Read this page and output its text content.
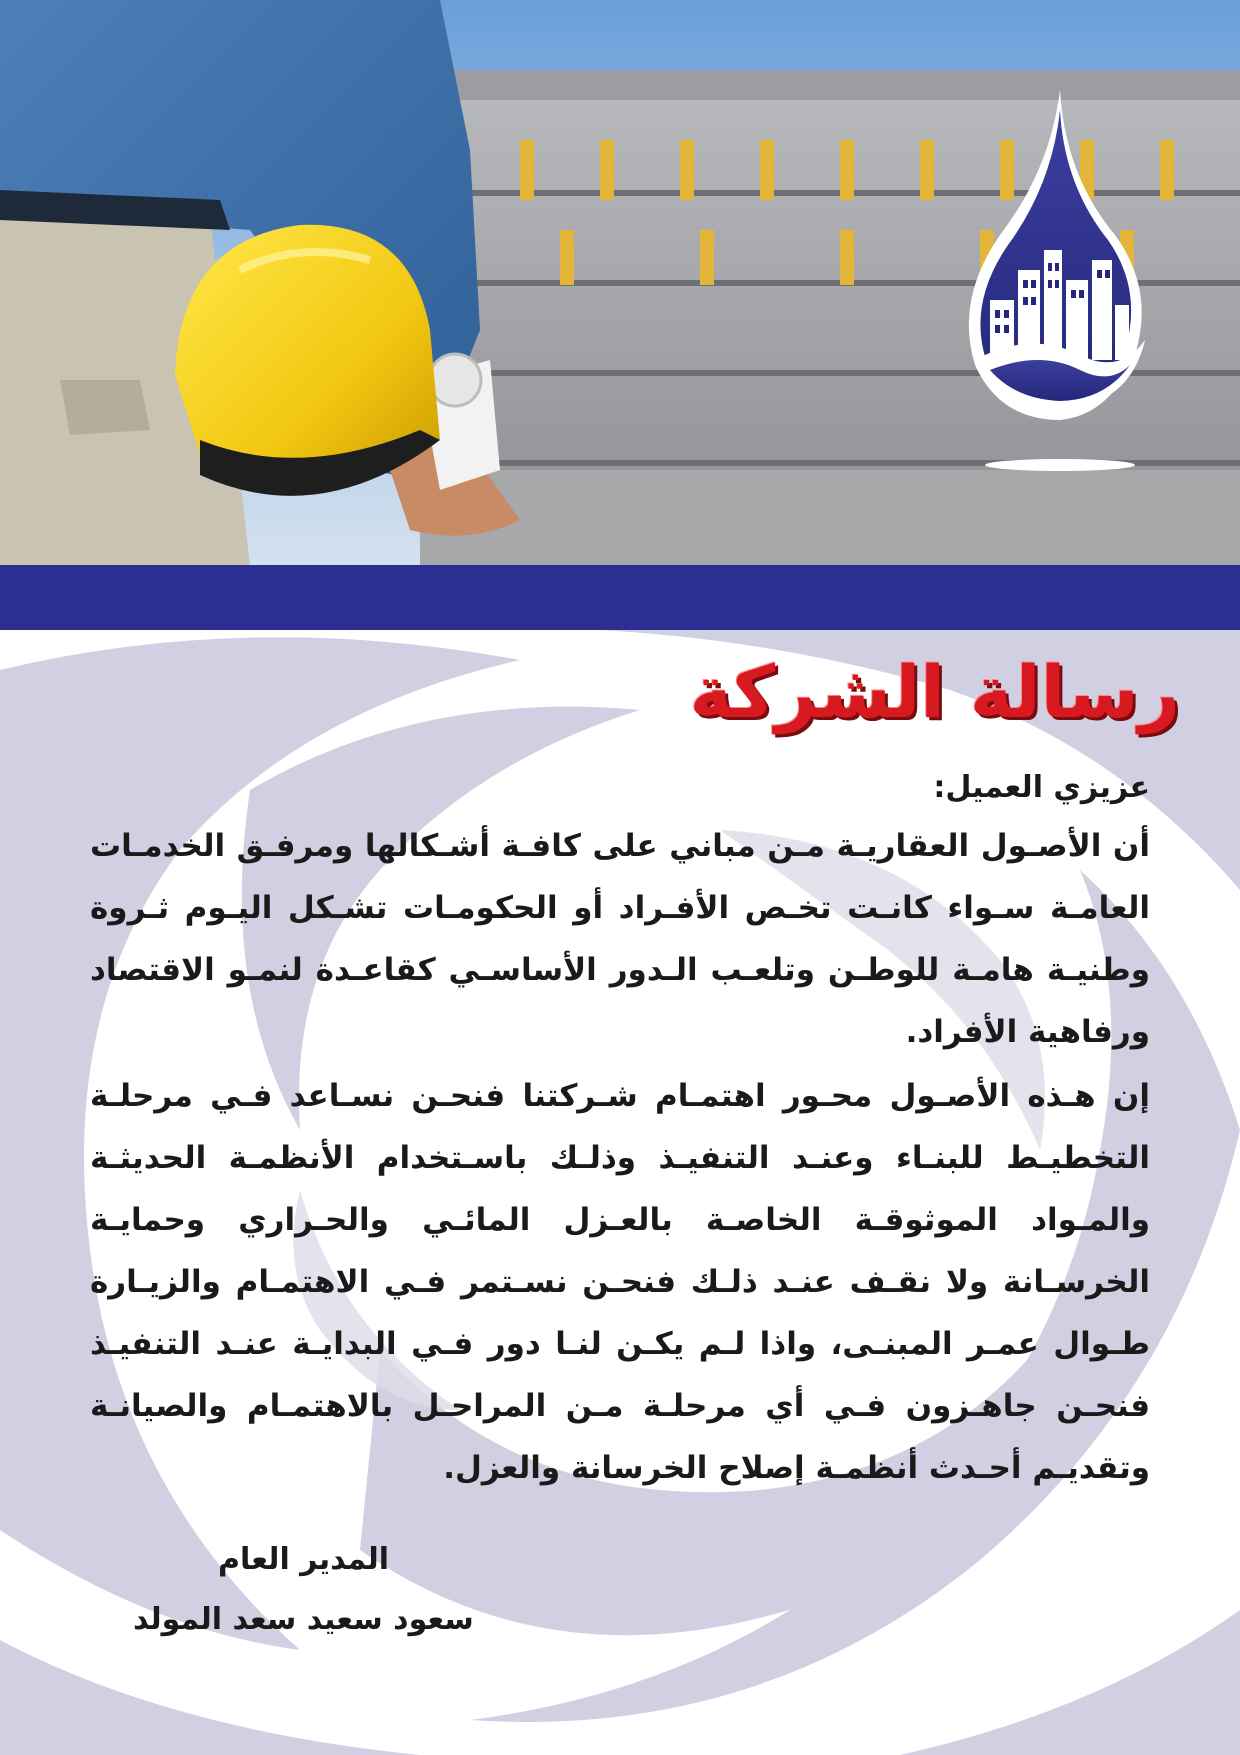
رسالة الشركة

عزيزي العميل:

أن الأصـول العقاريـة مـن مباني على كافـة أشـكالها ومرفـق الخدمـات العامـة سـواء كانـت تخـص الأفـراد أو الحكومـات تشـكل اليـوم ثـروة وطنيـة هامـة للوطـن وتلعـب الـدور الأساسـي كقاعـدة لنمـو الاقتصاد ورفاهية الأفراد.

إن هـذه الأصـول محـور اهتمـام شـركتنا فنحـن نسـاعد فـي مرحلـة التخطيـط للبنـاء وعنـد التنفيـذ وذلـك باسـتخدام الأنظمـة الحديثـة والمـواد الموثوقـة الخاصـة بالعـزل المائـي والحـراري وحمايـة الخرسـانة ولا نقـف عنـد ذلـك فنحـن نسـتمر فـي الاهتمـام والزيـارة طـوال عمـر المبنـى، واذا لـم يكـن لنـا دور فـي البدايـة عنـد التنفيـذ فنحـن جاهـزون فـي أي مرحلـة مـن المراحـل بالاهتمـام والصيانـة وتقديـم أحـدث أنظمـة إصلاح الخرسانة والعزل.

المدير العام

سعود سعيد سعد المولد
